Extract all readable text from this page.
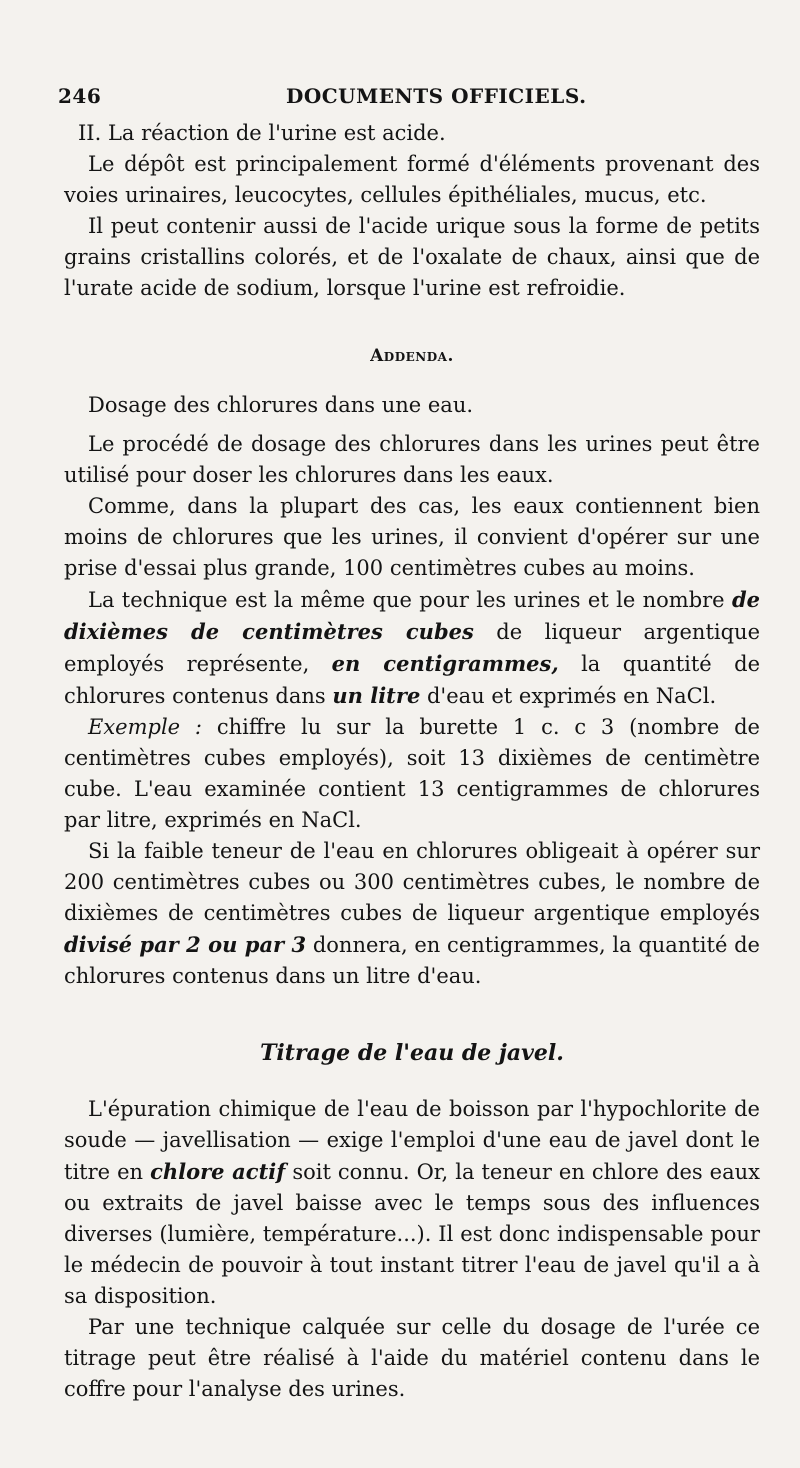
246	DOCUMENTS OFFICIELS.

II. La réaction de l'urine est acide.

Le dépôt est principalement formé d'éléments provenant des voies urinaires, leucocytes, cellules épithéliales, mucus, etc.

Il peut contenir aussi de l'acide urique sous la forme de petits grains cristallins colorés, et de l'oxalate de chaux, ainsi que de l'urate acide de sodium, lorsque l'urine est refroidie.

Addenda.

Dosage des chlorures dans une eau.

Le procédé de dosage des chlorures dans les urines peut être utilisé pour doser les chlorures dans les eaux.

Comme, dans la plupart des cas, les eaux contiennent bien moins de chlorures que les urines, il convient d'opérer sur une prise d'essai plus grande, 100 centimètres cubes au moins.

La technique est la même que pour les urines et le nombre de dixièmes de centimètres cubes de liqueur argentique employés représente, en centigrammes, la quantité de chlorures contenus dans un litre d'eau et exprimés en NaCl.

Exemple : chiffre lu sur la burette 1 c. c 3 (nombre de centimètres cubes employés), soit 13 dixièmes de centimètre cube. L'eau examinée contient 13 centigrammes de chlorures par litre, exprimés en NaCl.

Si la faible teneur de l'eau en chlorures obligeait à opérer sur 200 centimètres cubes ou 300 centimètres cubes, le nombre de dixièmes de centimètres cubes de liqueur argentique employés divisé par 2 ou par 3 donnera, en centigrammes, la quantité de chlorures contenus dans un litre d'eau.

Titrage de l'eau de javel.

L'épuration chimique de l'eau de boisson par l'hypochlorite de soude — javellisation — exige l'emploi d'une eau de javel dont le titre en chlore actif soit connu. Or, la teneur en chlore des eaux ou extraits de javel baisse avec le temps sous des influences diverses (lumière, température...). Il est donc indispensable pour le médecin de pouvoir à tout instant titrer l'eau de javel qu'il a à sa disposition.

Par une technique calquée sur celle du dosage de l'urée ce titrage peut être réalisé à l'aide du matériel contenu dans le coffre pour l'analyse des urines.
